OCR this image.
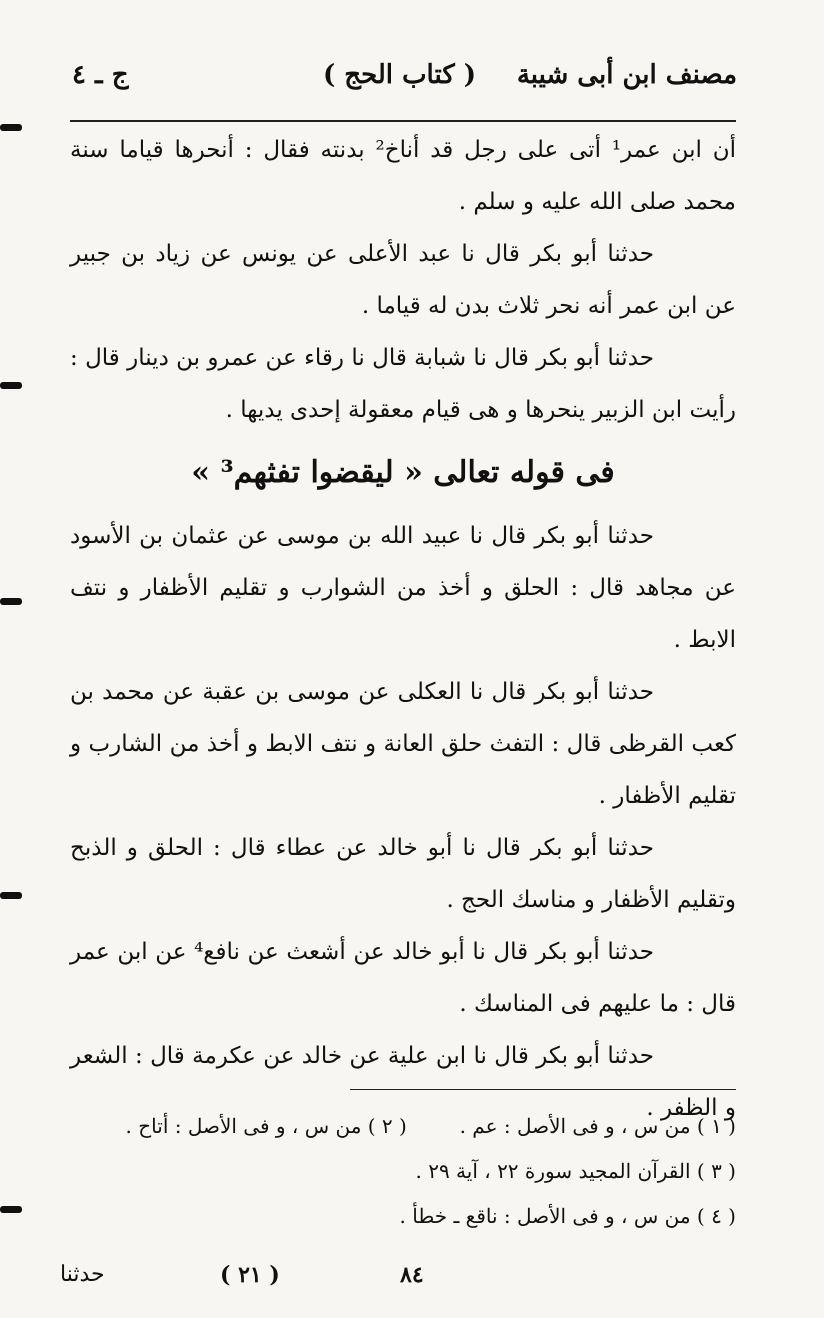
مصنف ابن أبى شيبة
( كتاب الحج )
ج ـ ٤

أن ابن عمر¹ أتى على رجل قد أناخ² بدنته فقال : أنحرها قياما سنة محمد صلى الله عليه و سلم .

حدثنا أبو بكر قال نا عبد الأعلى عن يونس عن زياد بن جبير عن ابن عمر أنه نحر ثلاث بدن له قياما .

حدثنا أبو بكر قال نا شبابة قال نا رقاء عن عمرو بن دينار قال : رأيت ابن الزبير ينحرها و هى قيام معقولة إحدى يديها .

فى قوله تعالى « ليقضوا تفثهم³ »

حدثنا أبو بكر قال نا عبيد الله بن موسى عن عثمان بن الأسود عن مجاهد قال : الحلق و أخذ من الشوارب و تقليم الأظفار و نتف الابط .

حدثنا أبو بكر قال نا العكلى عن موسى بن عقبة عن محمد بن كعب القرظى قال : التفث حلق العانة و نتف الابط و أخذ من الشارب و تقليم الأظفار .

حدثنا أبو بكر قال نا أبو خالد عن عطاء قال : الحلق و الذبح وتقليم الأظفار و مناسك الحج .

حدثنا أبو بكر قال نا أبو خالد عن أشعث عن نافع⁴ عن ابن عمر قال : ما عليهم فى المناسك .

حدثنا أبو بكر قال نا ابن علية عن خالد عن عكرمة قال : الشعر و الظفر .

( ١ ) من س ، و فى الأصل : عم .  ( ٢ ) من س ، و فى الأصل : أتاح .
( ٣ ) القرآن المجيد سورة ٢٢ ، آية ٢٩ .
( ٤ ) من س ، و فى الأصل : ناقع ـ خطأ .
٨٤
( ٢١ )
حدثنا
